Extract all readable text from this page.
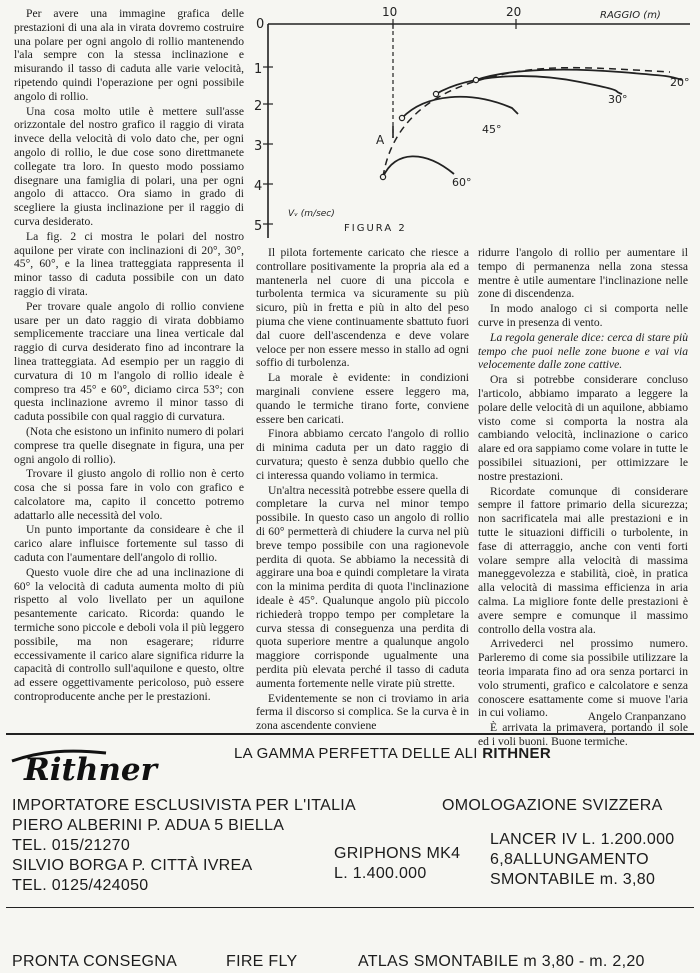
0
10	20
1
2
3
4
5
RAGGIO (m)
Vᵥ (m/sec)
FIGURA 2
20°
30°
45°
60°
A

Per avere una immagine grafica delle prestazioni di una ala in virata dovremo costruire una polare per ogni angolo di rollio mantenendo l'ala sempre con la stessa inclinazione e misurando il tasso di caduta alle varie velocità, ripetendo quindi l'operazione per ogni possibile angolo di rollio.

Una cosa molto utile è mettere sull'asse orizzontale del nostro grafico il raggio di virata invece della velocità di volo dato che, per ogni angolo di rollio, le due cose sono direttmanete collegate tra loro. In questo modo possiamo disegnare una famiglia di polari, una per ogni angolo di attacco. Ora siamo in grado di scegliere la giusta inclinazione per il raggio di curva desiderato.

La fig. 2 ci mostra le polari del nostro aquilone per virate con inclinazioni di 20°, 30°, 45°, 60°, e la linea tratteggiata rappresenta il minor tasso di caduta possibile con un dato raggio di virata.

Per trovare quale angolo di rollio conviene usare per un dato raggio di virata dobbiamo semplicemente tracciare una linea verticale dal raggio di curva desiderato fino ad incontrare la linea tratteggiata. Ad esempio per un raggio di curvatura di 10 m l'angolo di rollio ideale è compreso tra 45° e 60°, diciamo circa 53°; con questa inclinazione avremo il minor tasso di caduta possibile con qual raggio di curvatura.

(Nota che esistono un infinito numero di polari comprese tra quelle disegnate in figura, una per ogni angolo di rollio).

Trovare il giusto angolo di rollio non è certo cosa che si possa fare in volo con grafico e calcolatore ma, capito il concetto potremo adattarlo alle necessità del volo.

Un punto importante da consideare è che il carico alare influisce fortemente sul tasso di caduta con l'aumentare dell'angolo di rollio.

Questo vuole dire che ad una inclinazione di 60° la velocità di caduta aumenta molto di più rispetto al volo livellato per un aquilone pesantemente caricato. Ricorda: quando le termiche sono piccole e deboli vola il più leggero possibile, ma non esagerare; ridurre eccessivamente il carico alare significa ridurre la capacità di controllo sull'aquilone e questo, oltre ad essere oggettivamente pericoloso, può essere controproducente anche per le prestazioni.

Il pilota fortemente caricato che riesce a controllare positivamente la propria ala ed a mantenerla nel cuore di una piccola e turbolenta termica va sicuramente su più sicuro, più in fretta e più in alto del peso piuma che viene continuamente sbattuto fuori dal cuore dell'ascendenza e deve volare veloce per non essere messo in stallo ad ogni soffio di turbolenza.

La morale è evidente: in condizioni marginali conviene essere leggero ma, quando le termiche tirano forte, conviene essere ben caricati.

Finora abbiamo cercato l'angolo di rollio di minima caduta per un dato raggio di curvatura; questo è senza dubbio quello che ci interessa quando voliamo in termica.

Un'altra necessità potrebbe essere quella di completare la curva nel minor tempo possibile. In questo caso un angolo di rollio di 60° permetterà di chiudere la curva nel più breve tempo possibile con una ragionevole perdita di quota. Se abbiamo la necessità di aggirare una boa e quindi completare la virata con la minima perdita di quota l'inclinazione ideale è 45°. Qualunque angolo più piccolo richiederà troppo tempo per completare la curva stessa di conseguenza una perdita di quota superiore mentre a qualunque angolo maggiore corrisponde ugualmente una perdita più elevata perché il tasso di caduta aumenta fortemente nelle virate più strette.

Evidentemente se non ci troviamo in aria ferma il discorso si complica. Se la curva è in zona ascendente conviene

ridurre l'angolo di rollio per aumentare il tempo di permanenza nella zona stessa mentre è utile aumentare l'inclinazione nelle zone di discendenza.

In modo analogo ci si comporta nelle curve in presenza di vento.

La regola generale dice: cerca di stare più tempo che puoi nelle zone buone e vai via velocemente dalle zone cattive.

Ora si potrebbe considerare concluso l'articolo, abbiamo imparato a leggere la polare delle velocità di un aquilone, abbiamo visto come si comporta la nostra ala cambiando velocità, inclinazione o carico alare ed ora sappiamo come volare in tutte le possibilei situazioni, per ottimizzare le nostre prestazioni.

Ricordate comunque di considerare sempre il fattore primario della sicurezza; non sacrificatela mai alle prestazioni e in tutte le situazioni difficili o turbolente, in fase di atterraggio, anche con venti forti volare sempre alla velocità di massima maneggevolezza e stabilità, cioè, in pratica alla velocità di massima efficienza in aria calma. La migliore fonte delle prestazioni è avere sempre e comunque il massimo controllo della vostra ala.

Arrivederci nel prossimo numero. Parleremo di come sia possibile utilizzare la teoria imparata fino ad ora senza portarci in volo strumenti, grafico e calcolatore e senza conoscere esattamente come si muove l'aria in cui voliamo.

È arrivata la primavera, portando il sole ed i voli buoni. Buone termiche.

Angelo Cranpanzano
Rithner	LA GAMMA PERFETTA DELLE ALI RITHNER
IMPORTATORE ESCLUSIVISTA PER L'ITALIA	OMOLOGAZIONE SVIZZERA
PIERO ALBERINI P. ADUA 5 BIELLA
TEL. 015/21270
SILVIO BORGA P. CITTÀ IVREA
TEL. 0125/424050
GRIPHONS MK4
L. 1.400.000
LANCER IV L. 1.200.000
6,8ALLUNGAMENTO
SMONTABILE m. 3,80
PRONTA CONSEGNA	FIRE FLY	ATLAS SMONTABILE m 3,80 - m. 2,20
